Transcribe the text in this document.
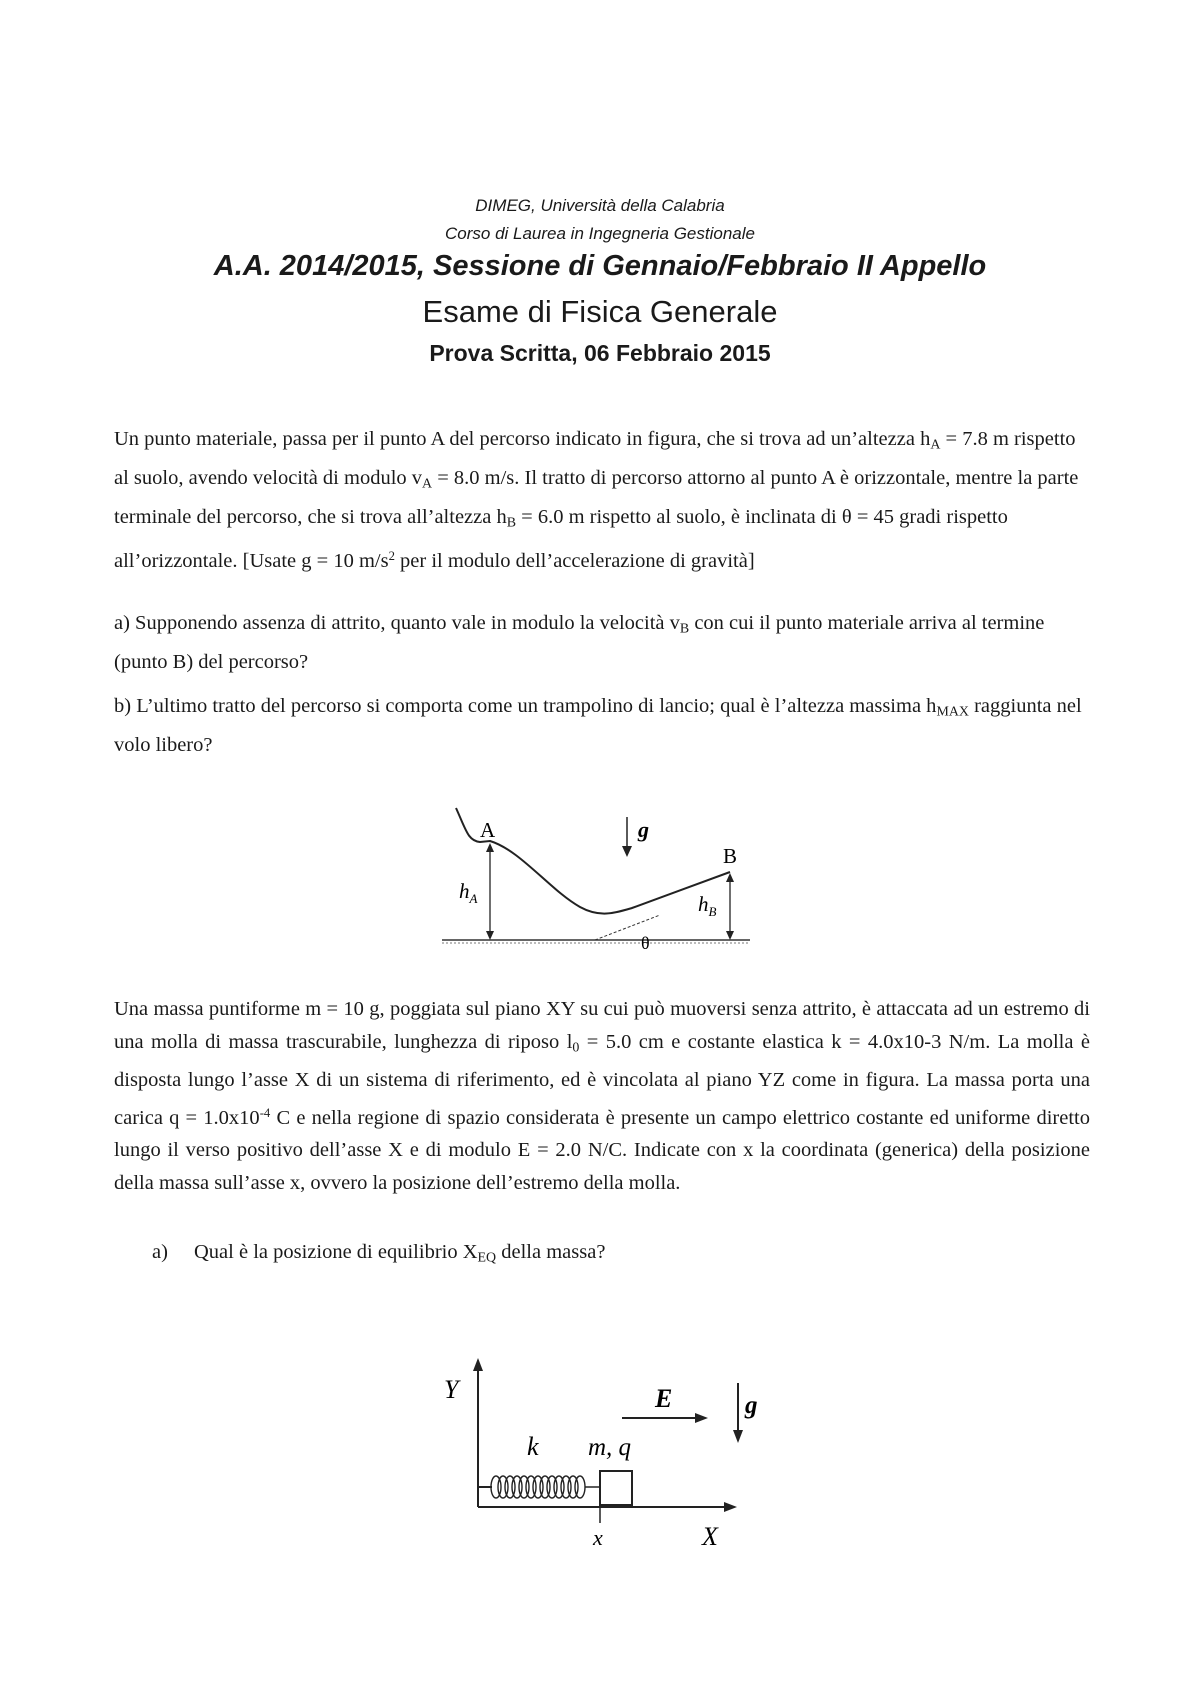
DIMEG, Università della Calabria
Corso di Laurea in Ingegneria Gestionale
A.A. 2014/2015, Sessione di Gennaio/Febbraio II Appello
Esame di Fisica Generale
Prova Scritta, 06 Febbraio 2015
Un punto materiale, passa per il punto A del percorso indicato in figura, che si trova ad un’altezza $h_A = 7.8$ m rispetto al suolo, avendo velocità di modulo $v_A = 8.0$ m/s. Il tratto di percorso attorno al punto A è orizzontale, mentre la parte terminale del percorso, che si trova all’altezza $h_B = 6.0$ m rispetto al suolo, è inclinata di θ = 45 gradi rispetto all’orizzontale. [Usate g = 10 $m/s^2$ per il modulo dell’accelerazione di gravità]
a) Supponendo assenza di attrito, quanto vale in modulo la velocità $v_B$ con cui il punto materiale arriva al termine (punto B) del percorso?
b) L’ultimo tratto del percorso si comporta come un trampolino di lancio; qual è l’altezza massima $h_{MAX}$ raggiunta nel volo libero?
A
B
g
$h_A$	$h_B$
θ
Una massa puntiforme m = 10 g, poggiata sul piano XY su cui può muoversi senza attrito, è attaccata ad un estremo di una molla di massa trascurabile, lunghezza di riposo $l_0 = 5.0$ cm e costante elastica k = 4.0x10-3 N/m. La molla è disposta lungo l’asse X di un sistema di riferimento, ed è vincolata al piano YZ come in figura. La massa porta una carica $q = 1.0x10^{-4}$ C e nella regione di spazio considerata è presente un campo elettrico costante ed uniforme diretto lungo il verso positivo dell’asse X e di modulo E = 2.0 N/C. Indicate con x la coordinata (generica) della posizione della massa sull’asse x, ovvero la posizione dell’estremo della molla.
a) Qual è la posizione di equilibrio $X_{EQ}$ della massa?
Y
X
x
k m, q
E	g
